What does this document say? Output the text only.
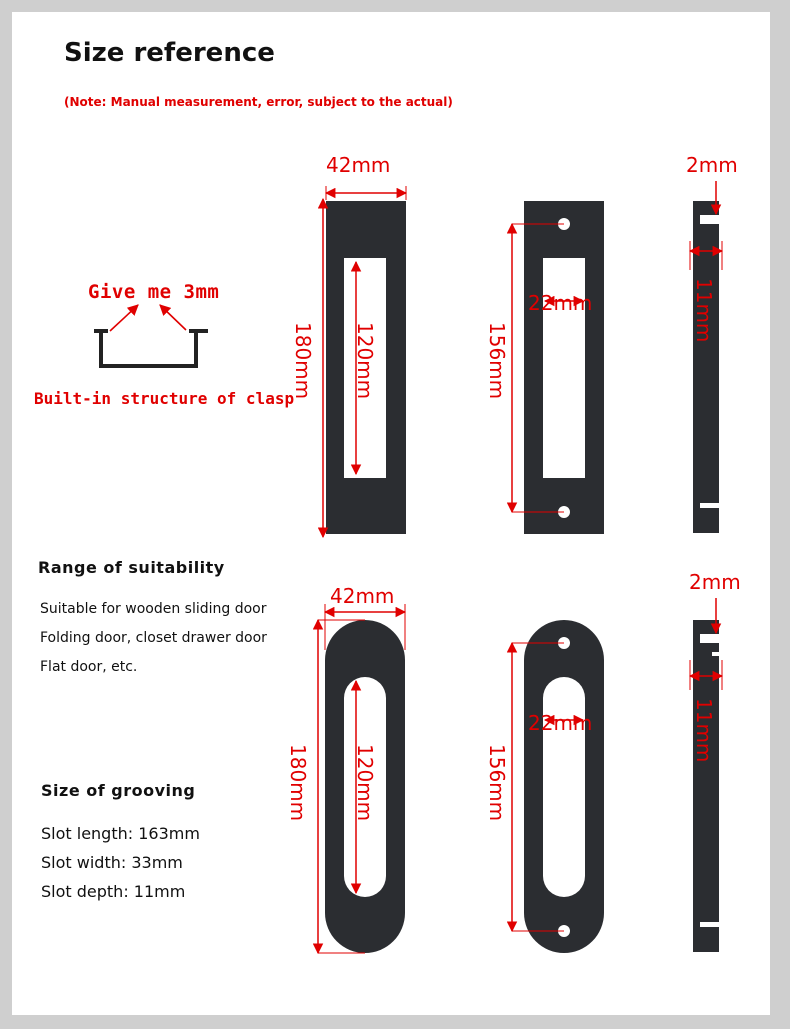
Size reference
(Note: Manual measurement, error, subject to the actual)
Give me 3mm
Built-in structure of clasp
Range of suitability
Suitable for wooden sliding door
Folding door, closet drawer door
Flat door, etc.
Size of grooving
Slot length: 163mm
Slot width: 33mm
Slot depth: 11mm
42mm
180mm 120mm	156mm
22mm
2mm
11mm
42mm
180mm 120mm	156mm
22mm
2mm
11mm
